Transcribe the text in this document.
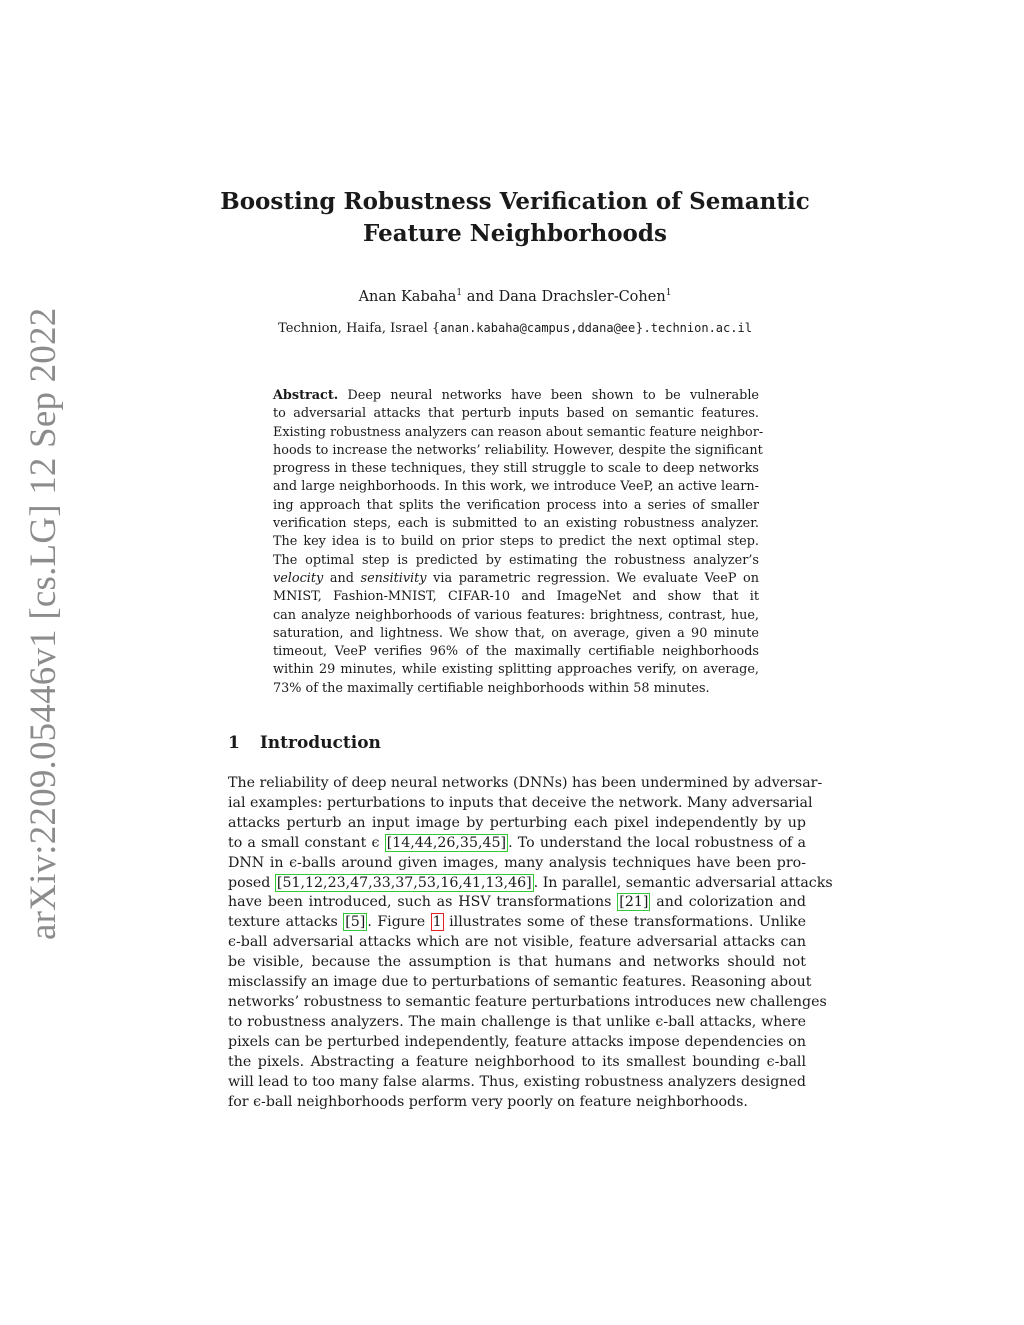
arXiv:2209.05446v1 [cs.LG] 12 Sep 2022
Boosting Robustness Verification of Semantic
Feature Neighborhoods
Anan Kabaha$^1$ and Dana Drachsler-Cohen$^1$
Technion, Haifa, Israel {anan.kabaha@campus,ddana@ee}.technion.ac.il
Abstract. Deep neural networks have been shown to be vulnerable
to adversarial attacks that perturb inputs based on semantic features.
Existing robustness analyzers can reason about semantic feature neighbor-
hoods to increase the networks’ reliability. However, despite the significant
progress in these techniques, they still struggle to scale to deep networks
and large neighborhoods. In this work, we introduce VeeP, an active learn-
ing approach that splits the verification process into a series of smaller
verification steps, each is submitted to an existing robustness analyzer.
The key idea is to build on prior steps to predict the next optimal step.
The optimal step is predicted by estimating the robustness analyzer’s
velocity and sensitivity via parametric regression. We evaluate VeeP on
MNIST, Fashion-MNIST, CIFAR-10 and ImageNet and show that it
can analyze neighborhoods of various features: brightness, contrast, hue,
saturation, and lightness. We show that, on average, given a 90 minute
timeout, VeeP verifies 96% of the maximally certifiable neighborhoods
within 29 minutes, while existing splitting approaches verify, on average,
73% of the maximally certifiable neighborhoods within 58 minutes.
1 Introduction
The reliability of deep neural networks (DNNs) has been undermined by adversar-
ial examples: perturbations to inputs that deceive the network. Many adversarial
attacks perturb an input image by perturbing each pixel independently by up
to a small constant ϵ [14,44,26,35,45] . To understand the local robustness of a
DNN in ϵ-balls around given images, many analysis techniques have been pro-
posed [51,12,23,47,33,37,53,16,41,13,46] . In parallel, semantic adversarial attacks
have been introduced, such as HSV transformations [21] and colorization and
texture attacks [5] . Figure 1 illustrates some of these transformations. Unlike
ϵ-ball adversarial attacks which are not visible, feature adversarial attacks can
be visible, because the assumption is that humans and networks should not
misclassify an image due to perturbations of semantic features. Reasoning about
networks’ robustness to semantic feature perturbations introduces new challenges
to robustness analyzers. The main challenge is that unlike ϵ-ball attacks, where
pixels can be perturbed independently, feature attacks impose dependencies on
the pixels. Abstracting a feature neighborhood to its smallest bounding ϵ-ball
will lead to too many false alarms. Thus, existing robustness analyzers designed
for ϵ-ball neighborhoods perform very poorly on feature neighborhoods.
